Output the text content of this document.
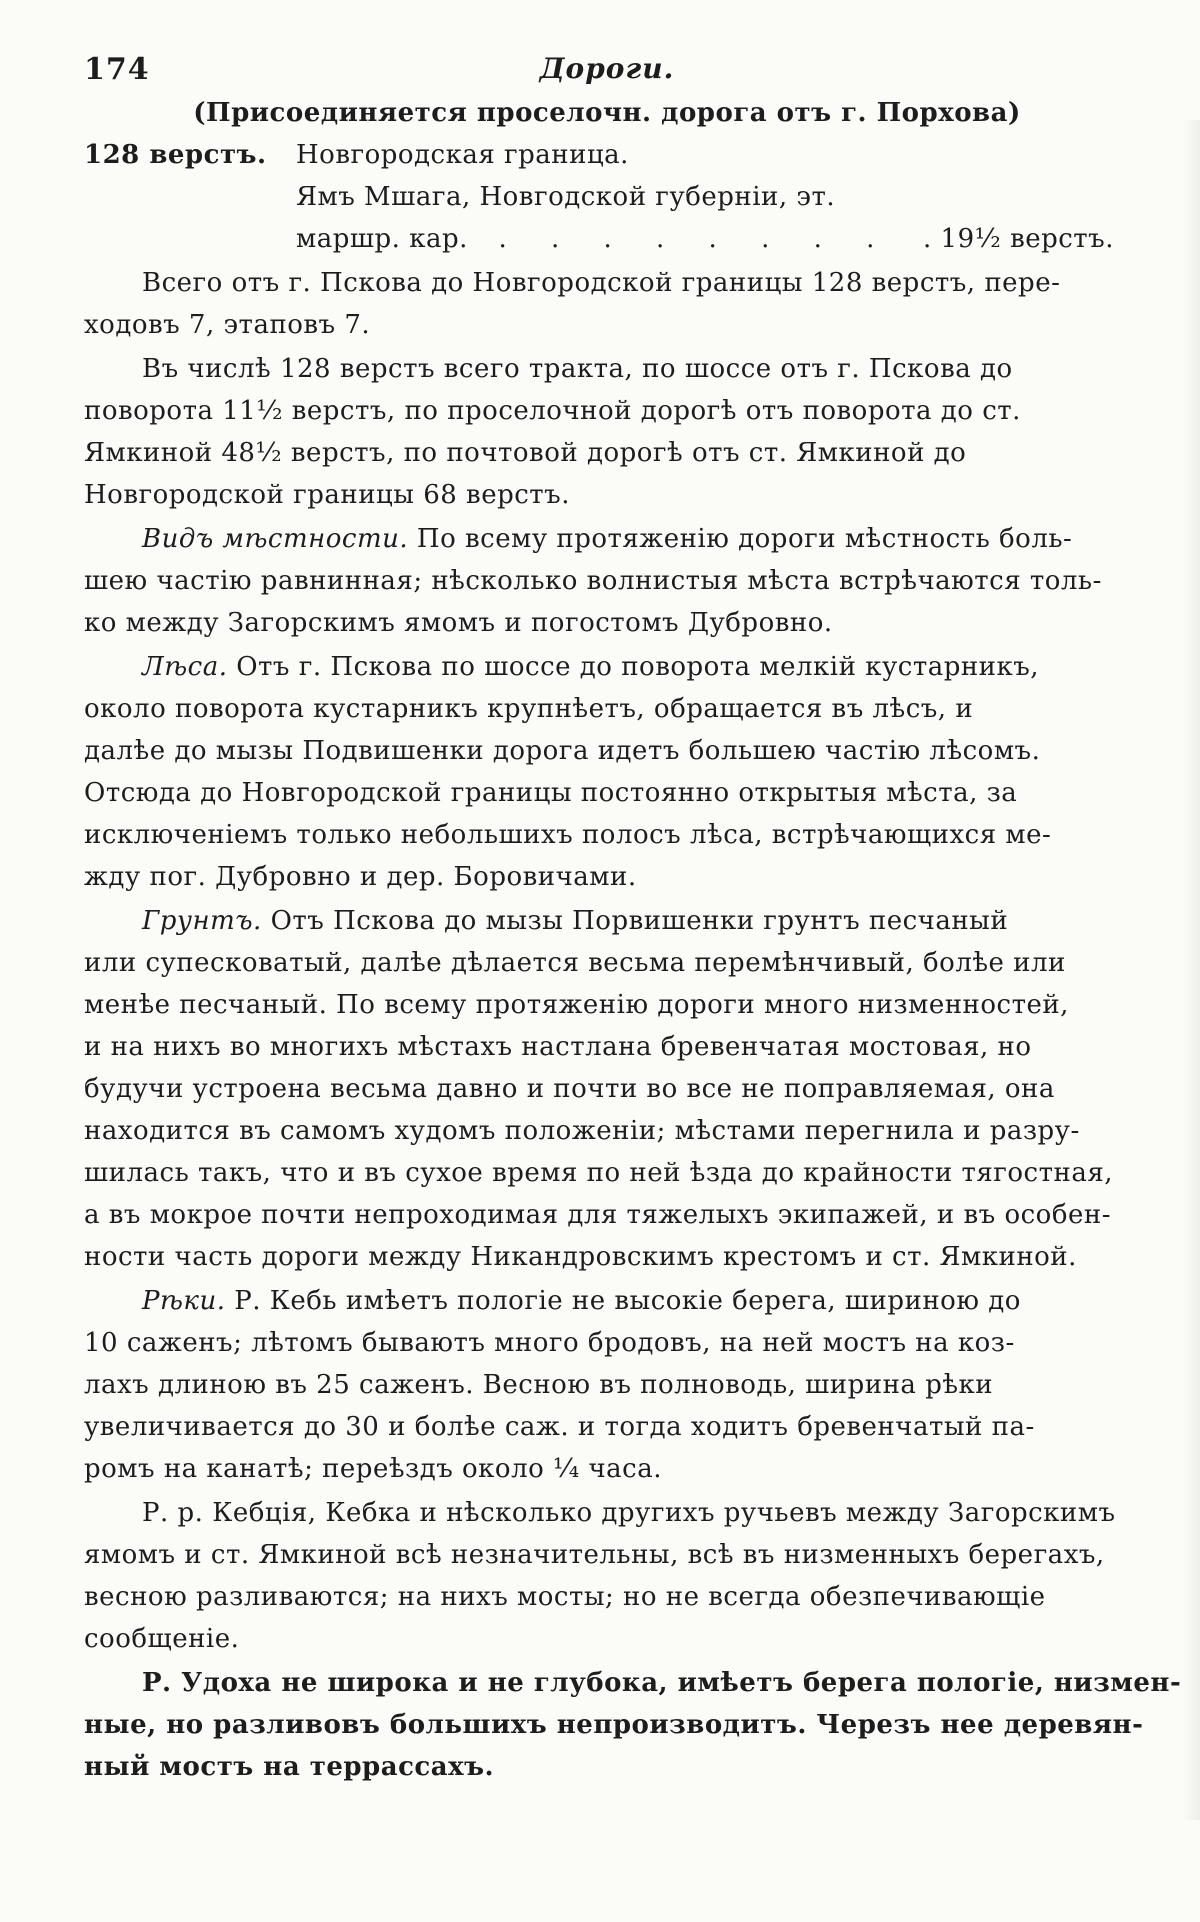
174	Дороги.
(Присоединяется проселочн. дорога отъ г. Порхова)
128 верстъ.	Новгородская граница.
Ямъ Мшага, Новгодской губерніи, эт.
маршр. кар.	. . . . . . . .	. 19¹⁄₂ верстъ.
Всего отъ г. Пскова до Новгородской границы 128 верстъ, пере-
ходовъ 7, этаповъ 7.
Въ числѣ 128 верстъ всего тракта, по шоссе отъ г. Пскова до
поворота 11¹⁄₂ верстъ, по проселочной дорогѣ отъ поворота до ст.
Ямкиной 48¹⁄₂ верстъ, по почтовой дорогѣ отъ ст. Ямкиной до
Новгородской границы 68 верстъ.
Видъ мѣстности. По всему протяженію дороги мѣстность боль-
шею частію равнинная; нѣсколько волнистыя мѣста встрѣчаются толь-
ко между Загорскимъ ямомъ и погостомъ Дубровно.
Лѣса. Отъ г. Пскова по шоссе до поворота мелкій кустарникъ,
около поворота кустарникъ крупнѣетъ, обращается въ лѣсъ, и
далѣе до мызы Подвишенки дорога идетъ большею частію лѣсомъ.
Отсюда до Новгородской границы постоянно открытыя мѣста, за
исключеніемъ только небольшихъ полосъ лѣса, встрѣчающихся ме-
жду пог. Дубровно и дер. Боровичами.
Грунтъ. Отъ Пскова до мызы Порвишенки грунтъ песчаный
или супесковатый, далѣе дѣлается весьма перемѣнчивый, болѣе или
менѣе песчаный. По всему протяженію дороги много низменностей,
и на нихъ во многихъ мѣстахъ настлана бревенчатая мостовая, но
будучи устроена весьма давно и почти во все не поправляемая, она
находится въ самомъ худомъ положеніи; мѣстами перегнила и разру-
шилась такъ, что и въ сухое время по ней ѣзда до крайности тягостная,
а въ мокрое почти непроходимая для тяжелыхъ экипажей, и въ особен-
ности часть дороги между Никандровскимъ крестомъ и ст. Ямкиной.
Рѣки. Р. Кебь имѣетъ пологіе не высокіе берега, шириною до
10 саженъ; лѣтомъ бываютъ много бродовъ, на ней мостъ на коз-
лахъ длиною въ 25 саженъ. Весною въ полноводь, ширина рѣки
увеличивается до 30 и болѣе саж. и тогда ходитъ бревенчатый па-
ромъ на канатѣ; переѣздъ около ¹⁄₄ часа.
Р. р. Кебція, Кебка и нѣсколько другихъ ручьевъ между Загорскимъ
ямомъ и ст. Ямкиной всѣ незначительны, всѣ въ низменныхъ берегахъ,
весною разливаются; на нихъ мосты; но не всегда обезпечивающіе
сообщеніе.
Р. Удоха не широка и не глубока, имѣетъ берега пологіе, низмен-
ные, но разливовъ большихъ непроизводитъ. Черезъ нее деревян-
ный мостъ на террассахъ.
